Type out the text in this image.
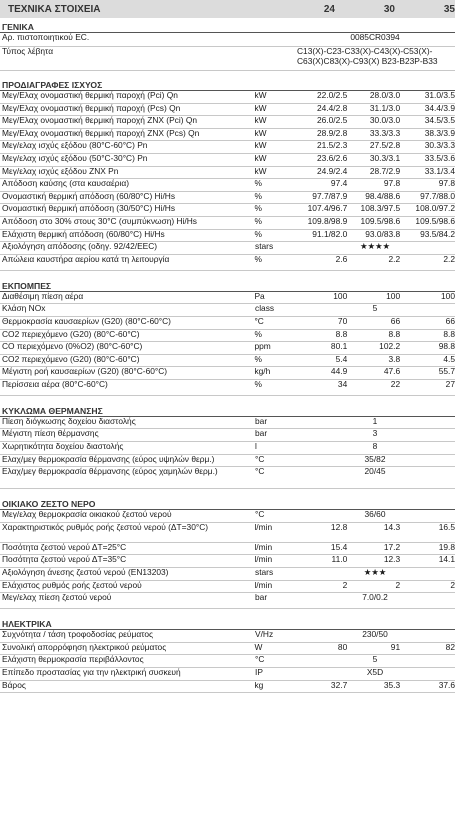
ΤΕΧΝΙΚΑ ΣΤΟΙΧΕΙΑ	24	30	35
ΓΕΝΙΚΑ
Αρ. πιστοποιητικού EC.	0085CR0394
Τύπος λέβητα	C13(X)-C23-C33(X)-C43(X)-C53(X)-C63(X)C83(X)-C93(X) B23-B23P-B33
ΠΡΟΔΙΑΓΡΑΦΕΣ ΙΣΧΥΟΣ
Μεγ/Ελαχ ονομαστική θερμική παροχή (Pci) Qn	kW	22.0/2.5	28.0/3.0	31.0/3.5
Μεγ/Ελαχ ονομαστική θερμική παροχή (Pcs) Qn	kW	24.4/2.8	31.1/3.0	34.4/3.9
Μεγ/Ελαχ ονομαστική θερμική παροχή ZNX (Pci) Qn	kW	26.0/2.5	30.0/3.0	34.5/3.5
Μεγ/Ελαχ ονομαστική θερμική παροχή ZNX (Pcs) Qn	kW	28.9/2.8	33.3/3.3	38.3/3.9
Μεγ/ελαχ ισχύς εξόδου (80°C-60°C) Pn	kW	21.5/2.3	27.5/2.8	30.3/3.3
Μεγ/ελαχ ισχύς εξόδου (50°C-30°C) Pn	kW	23.6/2.6	30.3/3.1	33.5/3.6
Μεγ/ελαχ ισχύς εξόδου ZNX Pn	kW	24.9/2.4	28.7/2.9	33.1/3.4
Απόδοση καύσης (στα καυσαέρια)	%	97.4	97.8	97.8
Ονομαστική θερμική απόδοση (60/80°C) Hi/Hs	%	97.7/87.9	98.4/88.6	97.7/88.0
Ονομαστική θερμική απόδοση (30/50°C) Hi/Hs	%	107.4/96.7	108.3/97.5	108.0/97.2
Απόδοση στο 30% στους 30°C (συμπύκνωση) Hi/Hs	%	109.8/98.9	109.5/98.6	109.5/98.6
Ελάχιστη θερμική απόδοση (60/80°C) Hi/Hs	%	91.1/82.0	93.0/83.8	93.5/84.2
Αξιολόγηση απόδοσης (οδηγ. 92/42/EEC)	stars	★★★★
Απώλεια καυστήρα αερίου κατά τη λειτουργία	%	2.6	2.2	2.2
ΕΚΠΟΜΠΕΣ
Διαθέσιμη πίεση αέρα	Pa	100	100	100
Κλάση NOx	class	5
Θερμοκρασία καυσαερίων (G20) (80°C-60°C)	°C	70	66	66
CO2 περιεχόμενο (G20) (80°C-60°C)	%	8.8	8.8	8.8
CO περιεχόμενο (0%O2) (80°C-60°C)	ppm	80.1	102.2	98.8
CO2 περιεχόμενο (G20) (80°C-60°C)	%	5.4	3.8	4.5
Μέγιστη ροή καυσαερίων (G20) (80°C-60°C)	kg/h	44.9	47.6	55.7
Περίσσεια αέρα (80°C-60°C)	%	34	22	27
ΚΥΚΛΩΜΑ ΘΕΡΜΑΝΣΗΣ
Πίεση διόγκωσης δοχείου διαστολής	bar	1
Μέγιστη πίεση θέρμανσης	bar	3
Χωρητικότητα δοχείου διαστολής	l	8
Ελαχ/μεγ θερμοκρασία θέρμανσης (εύρος υψηλών θερμ.)	°C	35/82
Ελαχ/μεγ θερμοκρασία θέρμανσης (εύρος χαμηλών θερμ.)	°C	20/45
ΟΙΚΙΑΚΟ ΖΕΣΤΟ ΝΕΡΟ
Μεγ/ελαχ θερμοκρασία οικιακού ζεστού νερού	°C	36/60
Χαρακτηριστικός ρυθμός ροής ζεστού νερού (ΔT=30°C)	l/min	12.8	14.3	16.5
Ποσότητα ζεστού νερού ΔT=25°C	l/min	15.4	17.2	19.8
Ποσότητα ζεστού νερού ΔT=35°C	l/min	11.0	12.3	14.1
Αξιολόγηση άνεσης ζεστού νερού (EN13203)	stars	★★★
Ελάχιστος ρυθμός ροής ζεστού νερού	l/min	2	2	2
Μεγ/ελαχ πίεση ζεστού νερού	bar	7.0/0.2
ΗΛΕΚΤΡΙΚΑ
Συχνότητα / τάση τροφοδοσίας ρεύματος	V/Hz	230/50
Συνολική απορρόφηση ηλεκτρικού ρεύματος	W	80	91	82
Ελάχιστη θερμοκρασία περιβάλλοντος	°C	5
Επίπεδο προστασίας για την ηλεκτρική συσκευή	IP	X5D
Βάρος	kg	32.7	35.3	37.6
